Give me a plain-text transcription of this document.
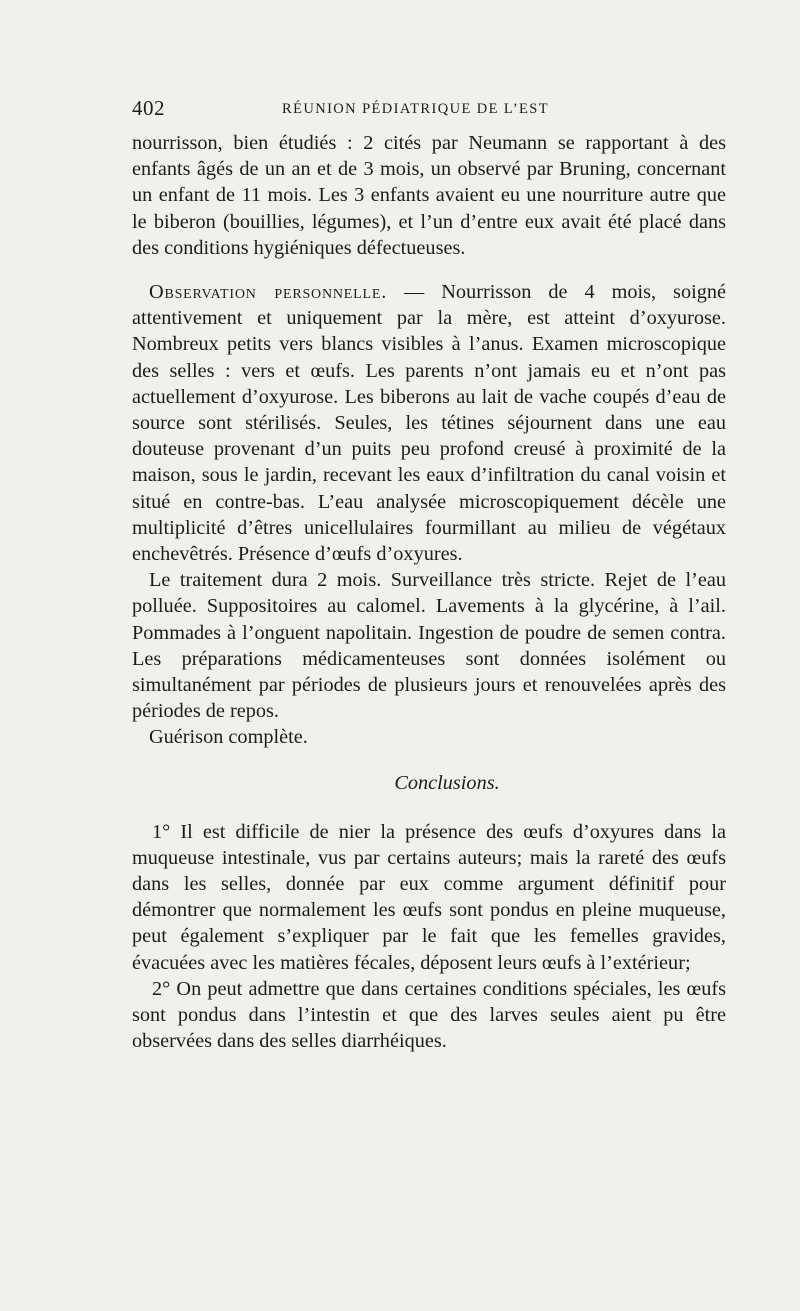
402	RÉUNION PÉDIATRIQUE DE L’EST

nourrisson, bien étudiés : 2 cités par Neumann se rapportant à des enfants âgés de un an et de 3 mois, un observé par Bruning, concernant un enfant de 11 mois. Les 3 enfants avaient eu une nourriture autre que le biberon (bouillies, légumes), et l’un d’entre eux avait été placé dans des conditions hygiéniques défectueuses.

Observation personnelle. — Nourrisson de 4 mois, soigné attentivement et uniquement par la mère, est atteint d’oxyurose. Nombreux petits vers blancs visibles à l’anus. Examen microscopique des selles : vers et œufs. Les parents n’ont jamais eu et n’ont pas actuellement d’oxyurose. Les biberons au lait de vache coupés d’eau de source sont stérilisés. Seules, les tétines séjournent dans une eau douteuse provenant d’un puits peu profond creusé à proximité de la maison, sous le jardin, recevant les eaux d’infiltration du canal voisin et situé en contre-bas. L’eau analysée microscopiquement décèle une multiplicité d’êtres unicellulaires fourmillant au milieu de végétaux enchevêtrés. Présence d’œufs d’oxyures.

Le traitement dura 2 mois. Surveillance très stricte. Rejet de l’eau polluée. Suppositoires au calomel. Lavements à la glycérine, à l’ail. Pommades à l’onguent napolitain. Ingestion de poudre de semen contra. Les préparations médicamenteuses sont données isolément ou simultanément par périodes de plusieurs jours et renouvelées après des périodes de repos.

Guérison complète.

Conclusions.

1° Il est difficile de nier la présence des œufs d’oxyures dans la muqueuse intestinale, vus par certains auteurs; mais la rareté des œufs dans les selles, donnée par eux comme argument définitif pour démontrer que normalement les œufs sont pondus en pleine muqueuse, peut également s’expliquer par le fait que les femelles gravides, évacuées avec les matières fécales, déposent leurs œufs à l’extérieur;

2° On peut admettre que dans certaines conditions spéciales, les œufs sont pondus dans l’intestin et que des larves seules aient pu être observées dans des selles diarrhéiques.
